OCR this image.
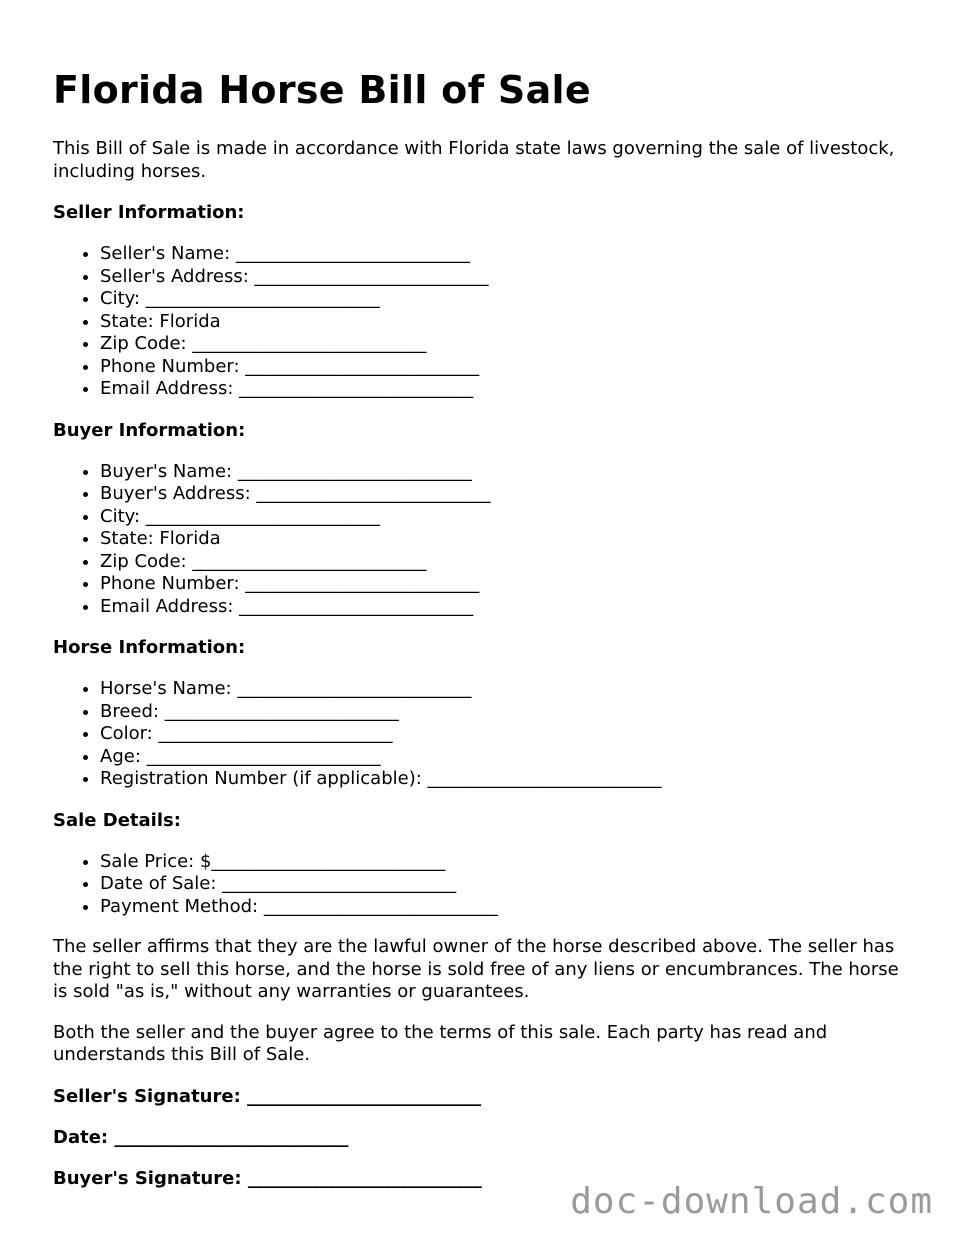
Florida Horse Bill of Sale

This Bill of Sale is made in accordance with Florida state laws governing the sale of livestock, including horses.

Seller Information:
• Seller's Name: __________________________
• Seller's Address: __________________________
• City: __________________________
• State: Florida
• Zip Code: __________________________
• Phone Number: __________________________
• Email Address: __________________________
Buyer Information:
• Buyer's Name: __________________________
• Buyer's Address: __________________________
• City: __________________________
• State: Florida
• Zip Code: __________________________
• Phone Number: __________________________
• Email Address: __________________________
Horse Information:
• Horse's Name: __________________________
• Breed: __________________________
• Color: __________________________
• Age: __________________________
• Registration Number (if applicable): __________________________
Sale Details:
• Sale Price: $__________________________
• Date of Sale: __________________________
• Payment Method: __________________________

The seller affirms that they are the lawful owner of the horse described above. The seller has the right to sell this horse, and the horse is sold free of any liens or encumbrances. The horse is sold "as is," without any warranties or guarantees.

Both the seller and the buyer agree to the terms of this sale. Each party has read and understands this Bill of Sale.

Seller's Signature: __________________________
Date: __________________________
Buyer's Signature: __________________________
doc-download.com
